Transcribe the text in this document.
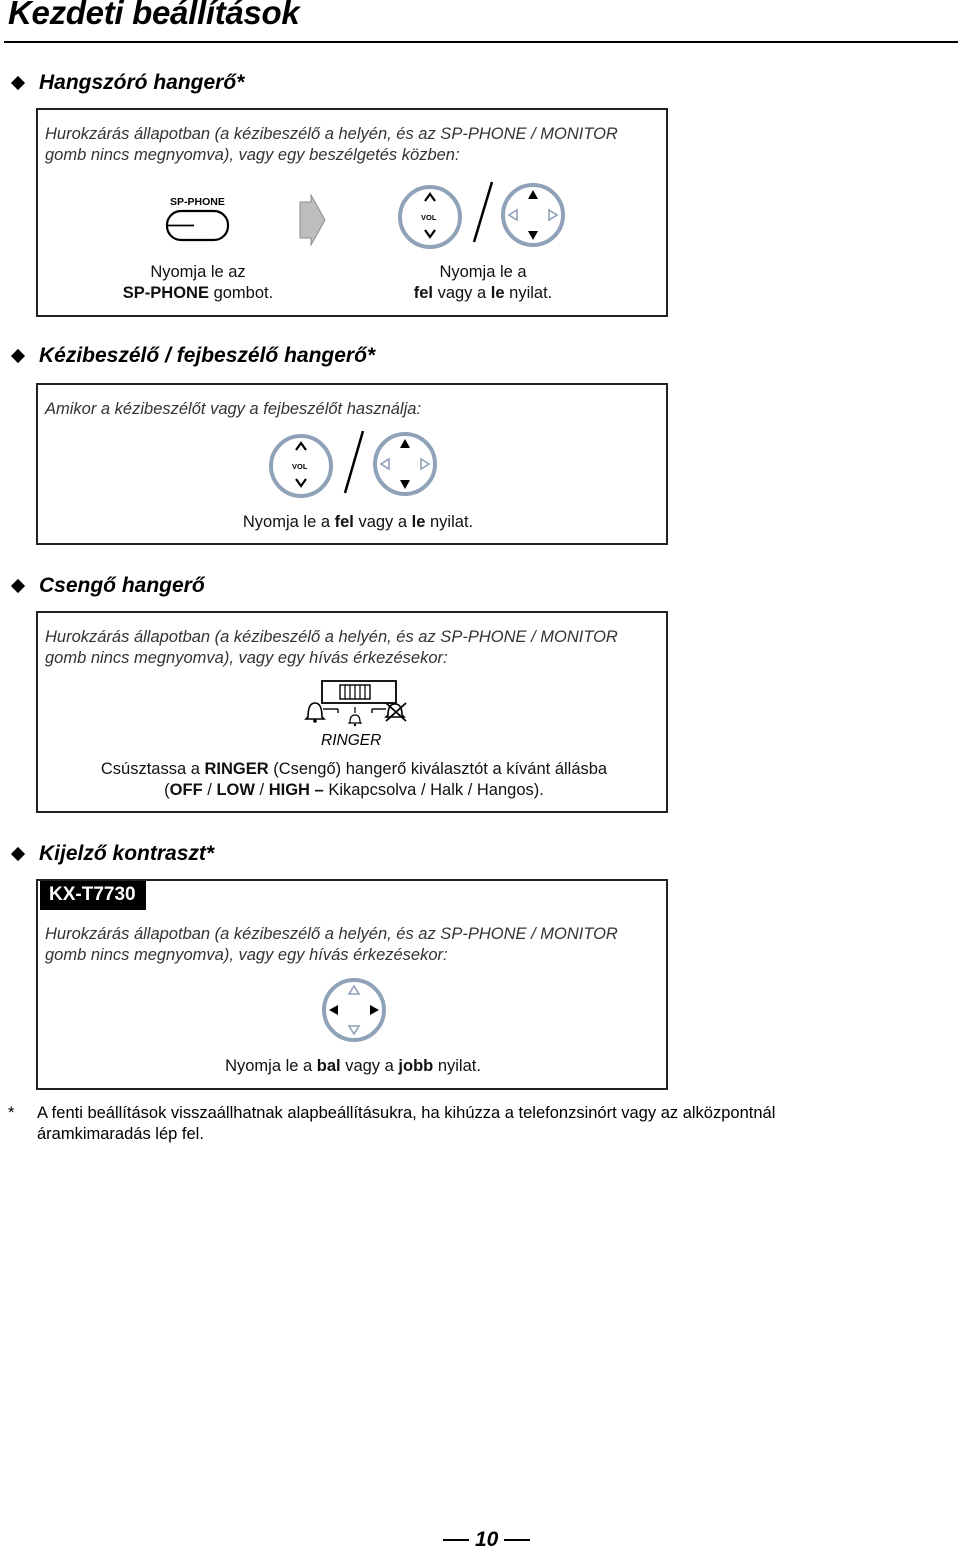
Kezdeti beállítások
Hangszóró hangerő*
Hurokzárás állapotban (a kézibeszélő a helyén, és az SP-PHONE / MONITOR
gomb nincs megnyomva), vagy egy beszélgetés közben:
SP-PHONE
VOL
Nyomja le az
SP-PHONE gombot.
Nyomja le a
fel vagy a le nyilat.
Kézibeszélő / fejbeszélő hangerő*
Amikor a kézibeszélőt vagy a fejbeszélőt használja:
VOL
Nyomja le a fel vagy a le nyilat.
Csengő hangerő
Hurokzárás állapotban (a kézibeszélő a helyén, és az SP-PHONE / MONITOR
gomb nincs megnyomva), vagy egy hívás érkezésekor:
RINGER
Csúsztassa a RINGER (Csengő) hangerő kiválasztót a kívánt állásba
(OFF / LOW / HIGH – Kikapcsolva / Halk / Hangos).
Kijelző kontraszt*
KX-T7730
Hurokzárás állapotban (a kézibeszélő a helyén, és az SP-PHONE / MONITOR
gomb nincs megnyomva), vagy egy hívás érkezésekor:
Nyomja le a bal vagy a jobb nyilat.
* A fenti beállítások visszaállhatnak alapbeállításukra, ha kihúzza a telefonzsinórt vagy az alközpontnál áramkimaradás lép fel.
10
